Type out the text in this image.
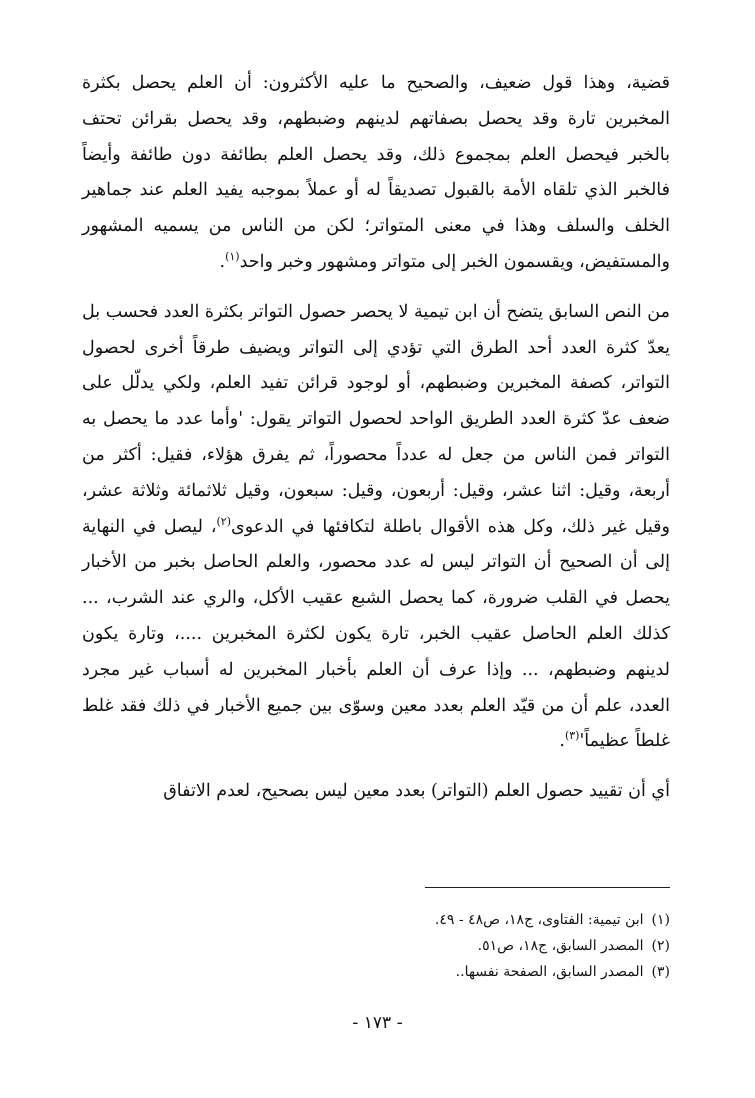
قضية، وهذا قول ضعيف، والصحيح ما عليه الأكثرون: أن العلم يحصل بكثرة المخبرين تارة وقد يحصل بصفاتهم لدينهم وضبطهم، وقد يحصل بقرائن تحتف بالخبر فيحصل العلم بمجموع ذلك، وقد يحصل العلم بطائفة دون طائفة وأيضاً فالخبر الذي تلقاه الأمة بالقبول تصديقاً له أو عملاً بموجبه يفيد العلم عند جماهير الخلف والسلف وهذا في معنى المتواتر؛ لكن من الناس من يسميه المشهور والمستفيض، ويقسمون الخبر إلى متواتر ومشهور وخبر واحد$^{(١)}$.

من النص السابق يتضح أن ابن تيمية لا يحصر حصول التواتر بكثرة العدد فحسب بل يعدّ كثرة العدد أحد الطرق التي تؤدي إلى التواتر ويضيف طرقاً أخرى لحصول التواتر، كصفة المخبرين وضبطهم، أو لوجود قرائن تفيد العلم، ولكي يدلّل على ضعف عدّ كثرة العدد الطريق الواحد لحصول التواتر يقول: 'وأما عدد ما يحصل به التواتر فمن الناس من جعل له عدداً محصوراً، ثم يفرق هؤلاء، فقيل: أكثر من أربعة، وقيل: اثنا عشر، وقيل: أربعون، وقيل: سبعون، وقيل ثلاثمائة وثلاثة عشر، وقيل غير ذلك، وكل هذه الأقوال باطلة لتكافئها في الدعوى$^{(٢)}$، ليصل في النهاية إلى أن الصحيح أن التواتر ليس له عدد محصور، والعلم الحاصل بخبر من الأخبار يحصل في القلب ضرورة، كما يحصل الشبع عقيب الأكل، والري عند الشرب، ... كذلك العلم الحاصل عقيب الخبر، تارة يكون لكثرة المخبرين ....، وتارة يكون لدينهم وضبطهم، ... وإذا عرف أن العلم بأخبار المخبرين له أسباب غير مجرد العدد، علم أن من قيّد العلم بعدد معين وسوّى بين جميع الأخبار في ذلك فقد غلط غلطاً عظيماً'$^{(٣)}$.

أي أن تقييد حصول العلم (التواتر) بعدد معين ليس بصحيح، لعدم الاتفاق

(١)ابن تيمية: الفتاوى، ج١٨، ص٤٨ - ٤٩.
(٢)المصدر السابق، ج١٨، ص٥١.
(٣)المصدر السابق، الصفحة نفسها..
- ١٧٣ -
